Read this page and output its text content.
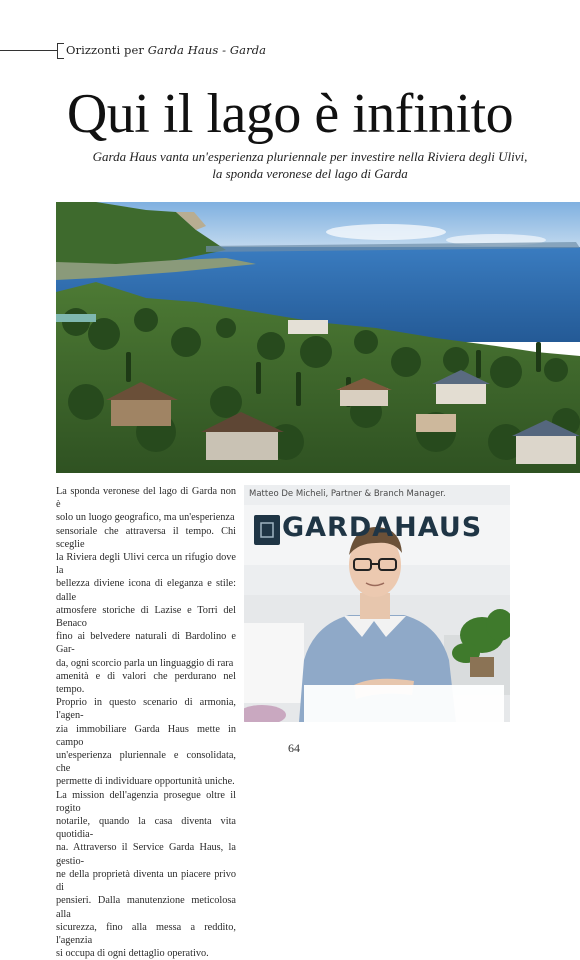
Orizzonti per Garda Haus - Garda
Qui il lago è infinito
Garda Haus vanta un'esperienza pluriennale per investire nella Riviera degli Ulivi,
la sponda veronese del lago di Garda
La sponda veronese del lago di Garda non è
solo un luogo geografico, ma un'esperienza
sensoriale che attraversa il tempo. Chi sceglie
la Riviera degli Ulivi cerca un rifugio dove la
bellezza diviene icona di eleganza e stile: dalle
atmosfere storiche di Lazise e Torri del Benaco
fino ai belvedere naturali di Bardolino e Gar-
da, ogni scorcio parla un linguaggio di rara
amenità e di valori che perdurano nel tempo.
Proprio in questo scenario di armonia, l'agen-
zia immobiliare Garda Haus mette in campo
un'esperienza pluriennale e consolidata, che
permette di individuare opportunità uniche.
La mission dell'agenzia prosegue oltre il rogito
notarile, quando la casa diventa vita quotidia-
na. Attraverso il Service Garda Haus, la gestio-
ne della proprietà diventa un piacere privo di
pensieri. Dalla manutenzione meticolosa alla
sicurezza, fino alla messa a reddito, l'agenzia
si occupa di ogni dettaglio operativo.
Matteo De Micheli, Partner & Branch Manager.
GARDAHAUS
64
